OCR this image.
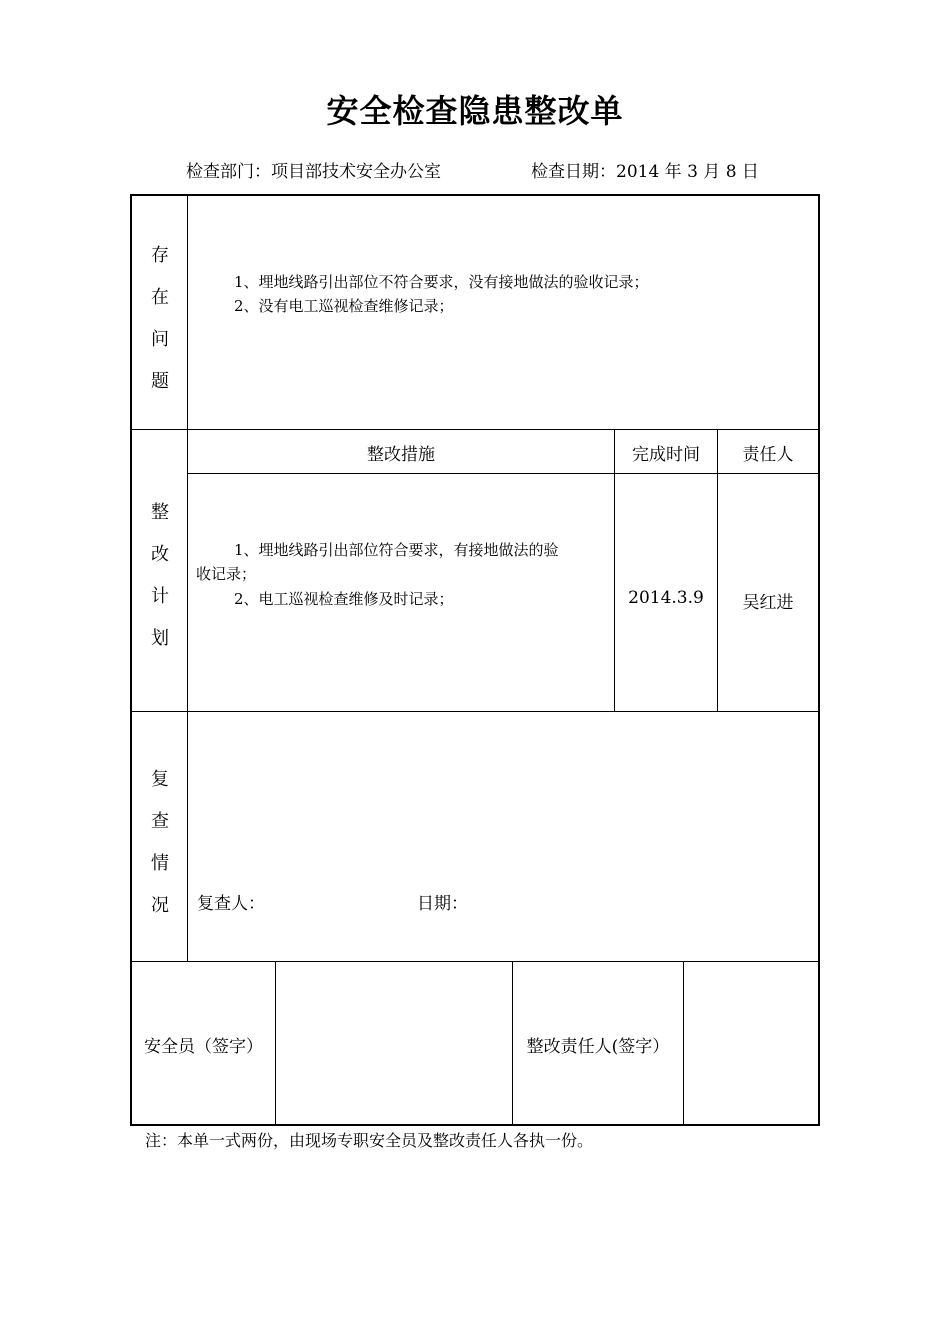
安全检查隐患整改单
检查部门：项目部技术安全办公室	检查日期：2014 年 3 月 8 日
存
在
问
题
1、埋地线路引出部位不符合要求，没有接地做法的验收记录；
2、没有电工巡视检查维修记录；
整
改
计
划
整改措施	完成时间	责任人
1、埋地线路引出部位符合要求，有接地做法的验
收记录；
2、电工巡视检查维修及时记录；	2014.3.9	吴红进
复
查
情
况	复查人：	日期：
安全员（签字）	整改责任人(签字）
注：本单一式两份，由现场专职安全员及整改责任人各执一份。
